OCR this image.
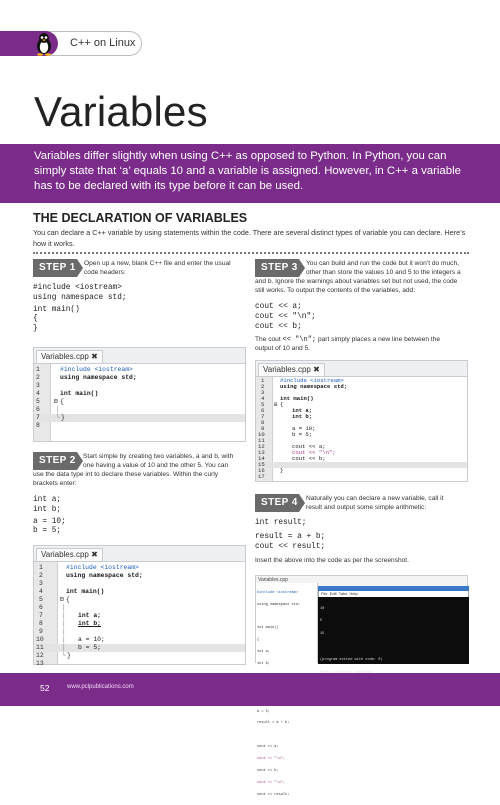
C++ on Linux
Variables

Variables differ slightly when using C++ as opposed to Python. In Python, you can simply state that ‘a’ equals 10 and a variable is assigned. However, in C++ a variable has to be declared with its type before it can be used.

THE DECLARATION OF VARIABLES

You can declare a C++ variable by using statements within the code. There are several distinct types of variable you can declare. Here’s how it works.

STEP 1 Open up a new, blank C++ file and enter the usual
code headers:
#include <iostream>
using namespace std;
int main()
{
}
Variables.cpp ✖
1	#include <iostream>
2	using namespace std;
3
4	int main()
5 ⊟ {
6	│
7	└ }
8
STEP 2	Start simple by creating two variables, a and b, with
one having a value of 10 and the other 5. You can
use the data type int to declare these variables. Within the curly
brackets enter:
int a;
int b;
a = 10;
b = 5;
Variables.cpp ✖
1	#include <iostream>
2	using namespace std;
3
4	int main()
5	⊟ {
6	│
7	│ int a;
8	│ int b;
9	│
10	│ a = 10;
11	│ b = 5;
12	└ }
13
STEP 3	You can build and run the code but it won’t do much,
other than store the values 10 and 5 to the integers a
and b. Ignore the warnings about variables set but not used, the code
still works. To output the contents of the variables, add:
cout << a;
cout << "\n";
cout << b;
The cout << "\n"; part simply places a new line between the
output of 10 and 5.
Variables.cpp ✖
1	#include <iostream>
2	using namespace std;
3
4	int main()
5 ⊟ {
6	int a;
7	int b;
8
9	a = 10;
10	b = 5;
11
12	cout << a;
13	cout << "\n";
14	cout << b;
15
16	}
17
STEP 4 Naturally you can declare a new variable, call it
result and output some simple arithmetic:
int result;
result = a + b;
cout << result;
Insert the above into the code as per the screenshot.
Variables.cpp

#include <iostream>

using namespace std;

int main()

{

int a;

int b;

b = 5;

result = a + b;

cout << a;

cout << "\n";

cout << b;

cout << "\n";

cout << result;

File Edit Tabs Help

10

5

15

(program exited with code: 0)

52	www.pclpublications.com
